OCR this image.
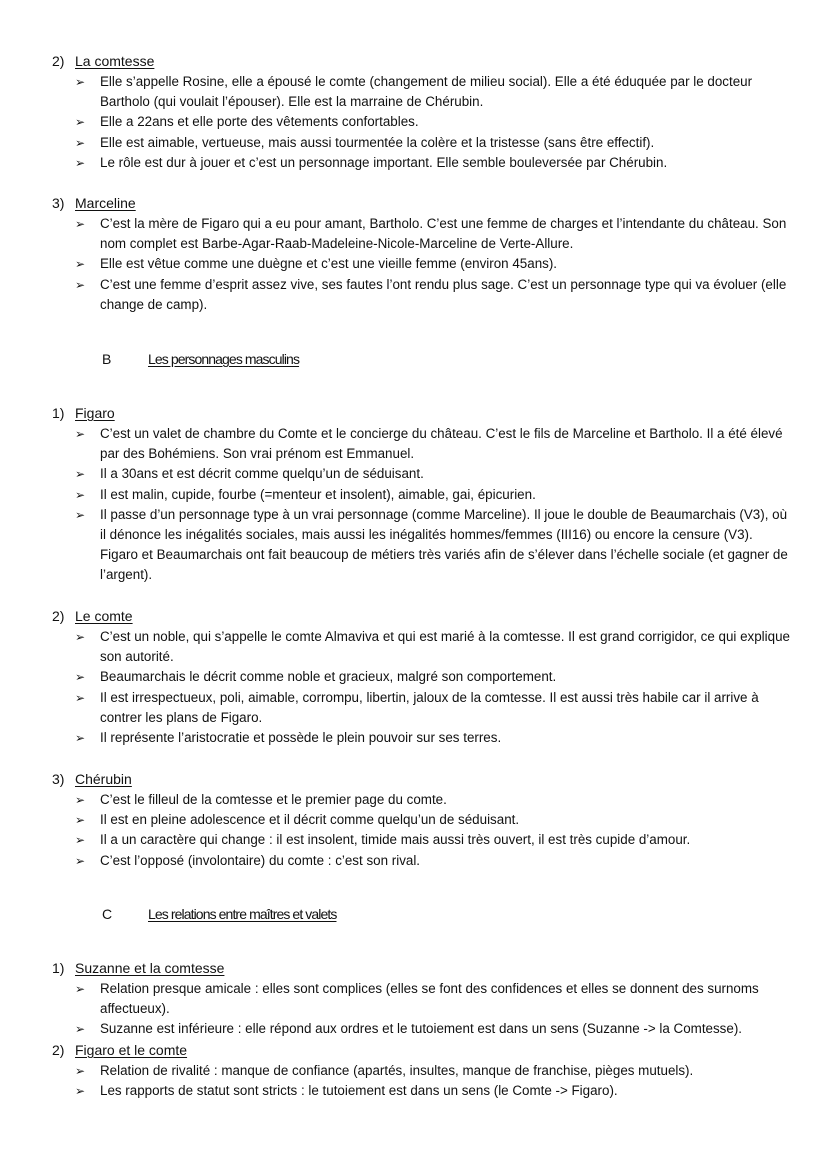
2) La comtesse
➢ Elle s’appelle Rosine, elle a épousé le comte (changement de milieu social). Elle a été éduquée par le docteur Bartholo (qui voulait l’épouser). Elle est la marraine de Chérubin.
➢ Elle a 22ans et elle porte des vêtements confortables.
➢ Elle est aimable, vertueuse, mais aussi tourmentée la colère et la tristesse (sans être effectif).
➢ Le rôle est dur à jouer et c’est un personnage important. Elle semble bouleversée par Chérubin.
3) Marceline
➢ C’est la mère de Figaro qui a eu pour amant, Bartholo. C’est une femme de charges et l’intendante du château. Son nom complet est Barbe-Agar-Raab-Madeleine-Nicole-Marceline de Verte-Allure.
➢ Elle est vêtue comme une duègne et c’est une vieille femme (environ 45ans).
➢ C’est une femme d’esprit assez vive, ses fautes l’ont rendu plus sage. C’est un personnage type qui va évoluer (elle change de camp).
B	Les personnages masculins
1) Figaro
➢ C’est un valet de chambre du Comte et le concierge du château. C’est le fils de Marceline et Bartholo. Il a été élevé par des Bohémiens. Son vrai prénom est Emmanuel.
➢ Il a 30ans et est décrit comme quelqu’un de séduisant.
➢ Il est malin, cupide, fourbe (=menteur et insolent), aimable, gai, épicurien.
➢ Il passe d’un personnage type à un vrai personnage (comme Marceline). Il joue le double de Beaumarchais (V3), où il dénonce les inégalités sociales, mais aussi les inégalités hommes/femmes (III16) ou encore la censure (V3). Figaro et Beaumarchais ont fait beaucoup de métiers très variés afin de s’élever dans l’échelle sociale (et gagner de l’argent).
2) Le comte
➢ C’est un noble, qui s’appelle le comte Almaviva et qui est marié à la comtesse. Il est grand corrigidor, ce qui explique son autorité.
➢ Beaumarchais le décrit comme noble et gracieux, malgré son comportement.
➢ Il est irrespectueux, poli, aimable, corrompu, libertin, jaloux de la comtesse. Il est aussi très habile car il arrive à contrer les plans de Figaro.
➢ Il représente l’aristocratie et possède le plein pouvoir sur ses terres.
3) Chérubin
➢ C’est le filleul de la comtesse et le premier page du comte.
➢ Il est en pleine adolescence et il décrit comme quelqu’un de séduisant.
➢ Il a un caractère qui change : il est insolent, timide mais aussi très ouvert, il est très cupide d’amour.
➢ C’est l’opposé (involontaire) du comte : c’est son rival.
C	Les relations entre maîtres et valets
1) Suzanne et la comtesse
➢ Relation presque amicale : elles sont complices (elles se font des confidences et elles se donnent des surnoms affectueux).
➢ Suzanne est inférieure : elle répond aux ordres et le tutoiement est dans un sens (Suzanne -> la Comtesse).
2) Figaro et le comte
➢ Relation de rivalité : manque de confiance (apartés, insultes, manque de franchise, pièges mutuels).
➢ Les rapports de statut sont stricts : le tutoiement est dans un sens (le Comte -> Figaro).
